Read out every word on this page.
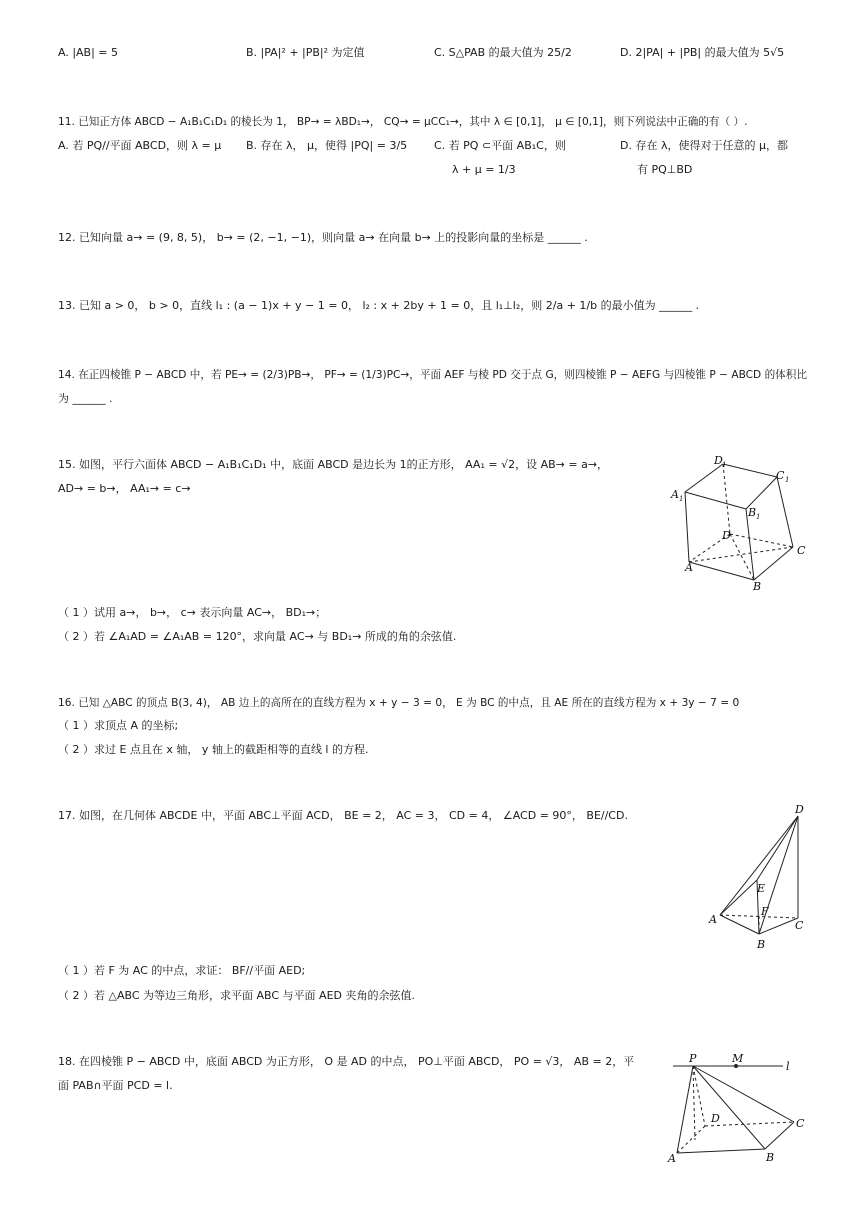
A. |AB| = 5	B. |PA|² + |PB|² 为定值	C. S△PAB 的最大值为 25/2	D. 2|PA| + |PB| 的最大值为 5√5
11. 已知正方体 ABCD − A₁B₁C₁D₁ 的棱长为 1， BP→ = λBD₁→， CQ→ = μCC₁→，其中 λ ∈ [0,1]， μ ∈ [0,1]，则下列说法中正确的有（ ）.
A. 若 PQ//平面 ABCD，则 λ = μ B. 存在 λ， μ，使得 |PQ| = 3/5 C. 若 PQ ⊂平面 AB₁C，则
λ + μ = 1/3
D. 存在 λ，使得对于任意的 μ，都
有 PQ⊥BD
12. 已知向量 a→ = (9, 8, 5)， b→ = (2, −1, −1)，则向量 a→ 在向量 b→ 上的投影向量的坐标是 ______ .
13. 已知 a > 0， b > 0，直线 l₁ : (a − 1)x + y − 1 = 0， l₂ : x + 2by + 1 = 0，且 l₁⊥l₂，则 2/a + 1/b 的最小值为 ______ .
14. 在正四棱锥 P − ABCD 中，若 PE→ = (2/3)PB→， PF→ = (1/3)PC→，平面 AEF 与棱 PD 交于点 G，则四棱锥 P − AEFG 与四棱锥 P − ABCD 的体积比
为 ______ .
15. 如图，平行六面体 ABCD − A₁B₁C₁D₁ 中，底面 ABCD 是边长为 1的正方形， AA₁ = √2，设 AB→ = a→，
AD→ = b→， AA₁→ = c→
（ 1 ）试用 a→， b→， c→ 表示向量 AC→， BD₁→；
（ 2 ）若 ∠A₁AD = ∠A₁AB = 120°，求向量 AC→ 与 BD₁→ 所成的角的余弦值.
D 1
C 1
A 1
B 1
D
C
A
B
16. 已知 △ABC 的顶点 B(3, 4)， AB 边上的高所在的直线方程为 x + y − 3 = 0， E 为 BC 的中点，且 AE 所在的直线方程为 x + 3y − 7 = 0
（ 1 ）求顶点 A 的坐标;
（ 2 ）求过 E 点且在 x 轴， y 轴上的截距相等的直线 l 的方程.
17. 如图，在几何体 ABCDE 中，平面 ABC⊥平面 ACD， BE = 2， AC = 3， CD = 4， ∠ACD = 90°， BE//CD.
（ 1 ）若 F 为 AC 的中点，求证： BF//平面 AED;
（ 2 ）若 △ABC 为等边三角形，求平面 ABC 与平面 AED 夹角的余弦值.
D
E
F
A	C
B
18. 在四棱锥 P − ABCD 中，底面 ABCD 为正方形， O 是 AD 的中点， PO⊥平面 ABCD， PO = √3， AB = 2，平
面 PAB∩平面 PCD = l.
P	M
l
D	C
A	B
